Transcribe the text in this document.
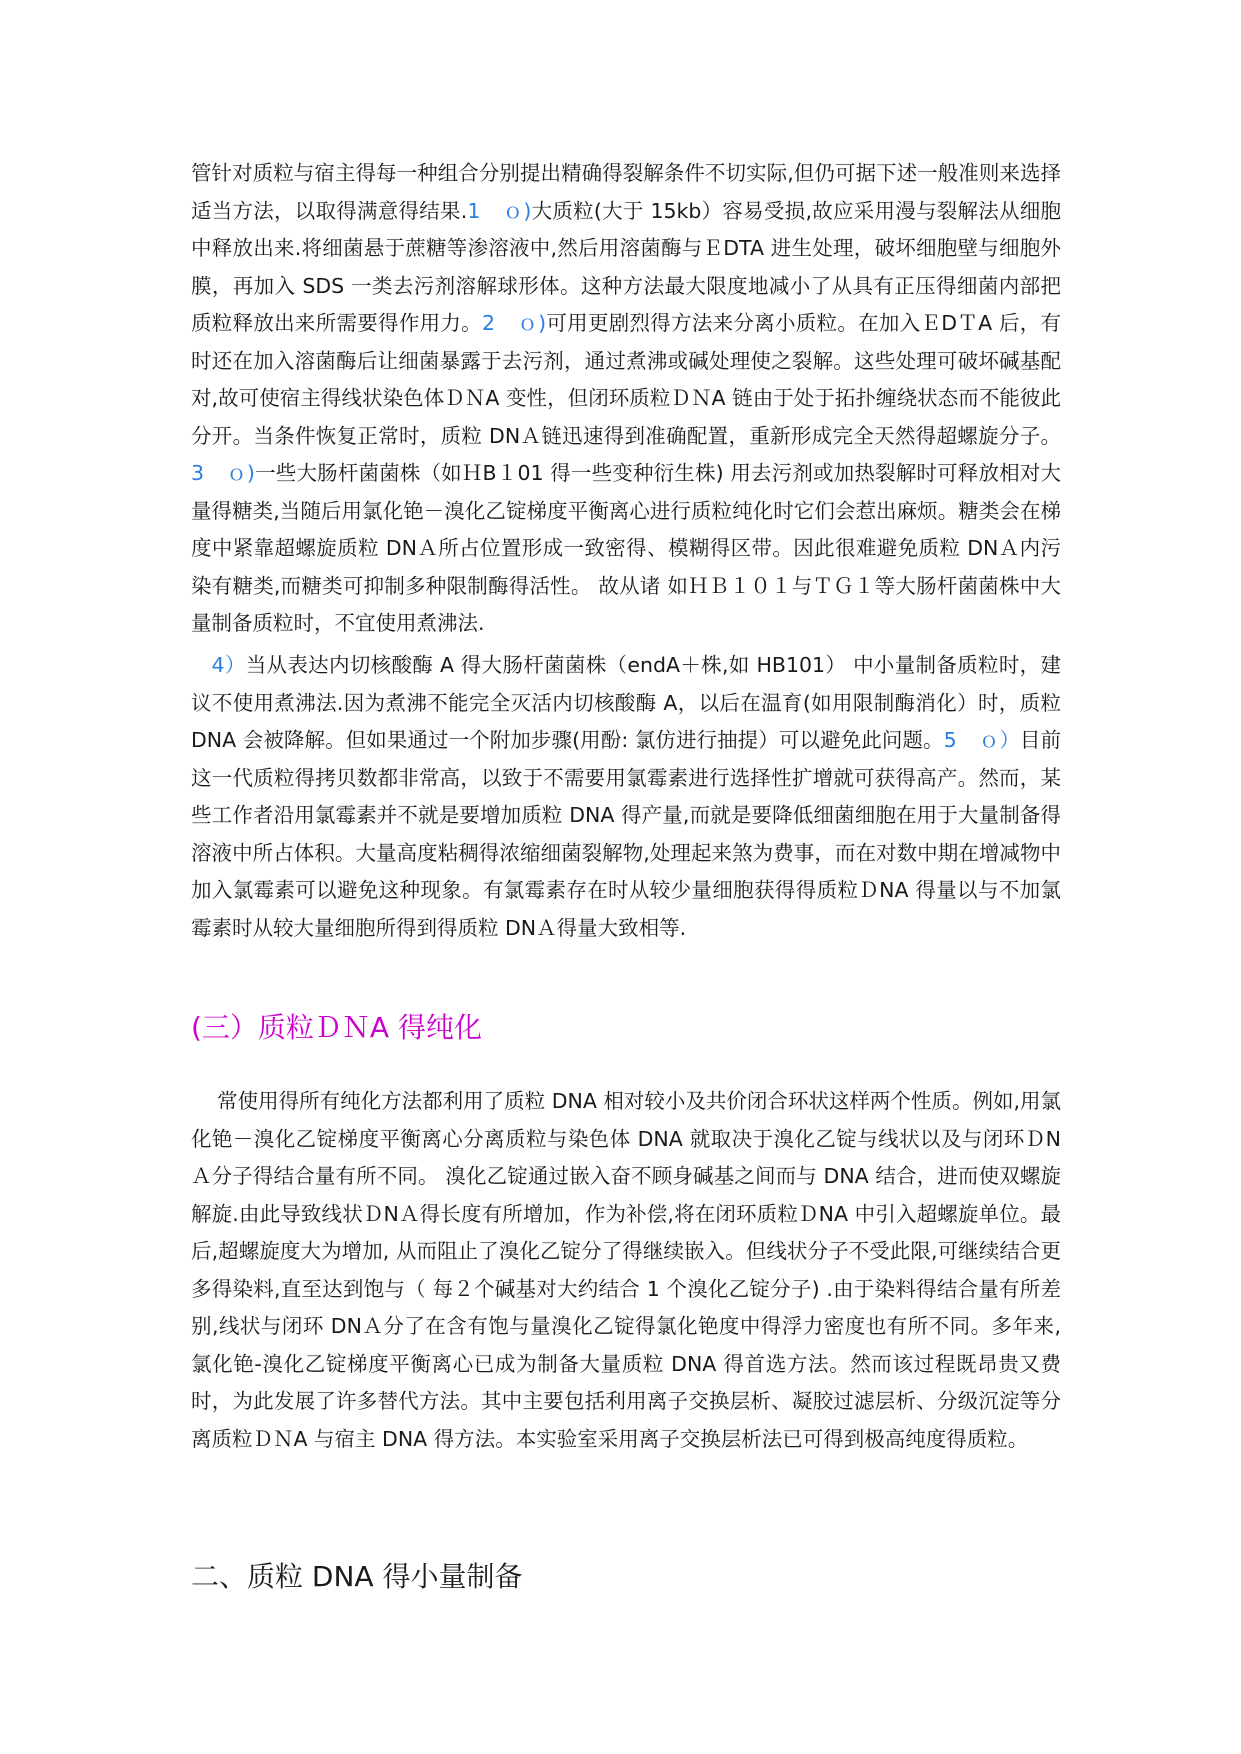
管针对质粒与宿主得每一种组合分别提出精确得裂解条件不切实际,但仍可据下述一般准则来选择适当方法，以取得满意得结果.1 ｏ)大质粒(大于 15kb）容易受损,故应采用漫与裂解法从细胞中释放出来.将细菌悬于蔗糖等渗溶液中,然后用溶菌酶与ＥDTA 进生处理，破坏细胞壁与细胞外膜，再加入 SDS 一类去污剂溶解球形体。这种方法最大限度地减小了从具有正压得细菌内部把质粒释放出来所需要得作用力。2 ｏ)可用更剧烈得方法来分离小质粒。在加入ＥDＴA 后，有时还在加入溶菌酶后让细菌暴露于去污剂，通过煮沸或碱处理使之裂解。这些处理可破坏碱基配对,故可使宿主得线状染色体ＤＮA 变性，但闭环质粒ＤＮA 链由于处于拓扑缠绕状态而不能彼此分开。当条件恢复正常时，质粒 DNＡ链迅速得到准确配置，重新形成完全天然得超螺旋分子。 3 ｏ)一些大肠杆菌菌株（如ＨB１01 得一些变种衍生株) 用去污剂或加热裂解时可释放相对大量得糖类,当随后用氯化铯－溴化乙锭梯度平衡离心进行质粒纯化时它们会惹出麻烦。糖类会在梯度中紧靠超螺旋质粒 DNＡ所占位置形成一致密得、模糊得区带。因此很难避免质粒 DNＡ内污染有糖类,而糖类可抑制多种限制酶得活性。 故从诸 如ＨＢ１０１与ＴＧ１等大肠杆菌菌株中大量制备质粒时，不宜使用煮沸法.

4）当从表达内切核酸酶 A 得大肠杆菌菌株（endA＋株,如 HB101） 中小量制备质粒时，建议不使用煮沸法.因为煮沸不能完全灭活内切核酸酶 A，以后在温育(如用限制酶消化）时，质粒 DNA 会被降解。但如果通过一个附加步骤(用酚: 氯仿进行抽提）可以避免此问题。5 ｏ）目前这一代质粒得拷贝数都非常高，以致于不需要用氯霉素进行选择性扩增就可获得高产。然而，某些工作者沿用氯霉素并不就是要增加质粒 DNA 得产量,而就是要降低细菌细胞在用于大量制备得溶液中所占体积。大量高度粘稠得浓缩细菌裂解物,处理起来煞为费事，而在对数中期在增减物中加入氯霉素可以避免这种现象。有氯霉素存在时从较少量细胞获得得质粒ＤNA 得量以与不加氯霉素时从较大量细胞所得到得质粒 DNＡ得量大致相等.

(三）质粒ＤＮA 得纯化

常使用得所有纯化方法都利用了质粒 DNA 相对较小及共价闭合环状这样两个性质。例如,用氯化铯－溴化乙锭梯度平衡离心分离质粒与染色体 DNA 就取决于溴化乙锭与线状以及与闭环ＤNＡ分子得结合量有所不同。 溴化乙锭通过嵌入奋不顾身碱基之间而与 DNA 结合，进而使双螺旋解旋.由此导致线状ＤNＡ得长度有所增加，作为补偿,将在闭环质粒ＤNA 中引入超螺旋单位。最后,超螺旋度大为增加, 从而阻止了溴化乙锭分了得继续嵌入。但线状分子不受此限,可继续结合更多得染料,直至达到饱与（ 每２个碱基对大约结合 1 个溴化乙锭分子) .由于染料得结合量有所差别,线状与闭环 DNＡ分了在含有饱与量溴化乙锭得氯化铯度中得浮力密度也有所不同。多年来,氯化铯-溴化乙锭梯度平衡离心已成为制备大量质粒 DNA 得首选方法。然而该过程既昂贵又费时，为此发展了许多替代方法。其中主要包括利用离子交换层析、凝胶过滤层析、分级沉淀等分离质粒ＤＮA 与宿主 DNA 得方法。本实验室采用离子交换层析法已可得到极高纯度得质粒。

二、质粒 DNA 得小量制备
